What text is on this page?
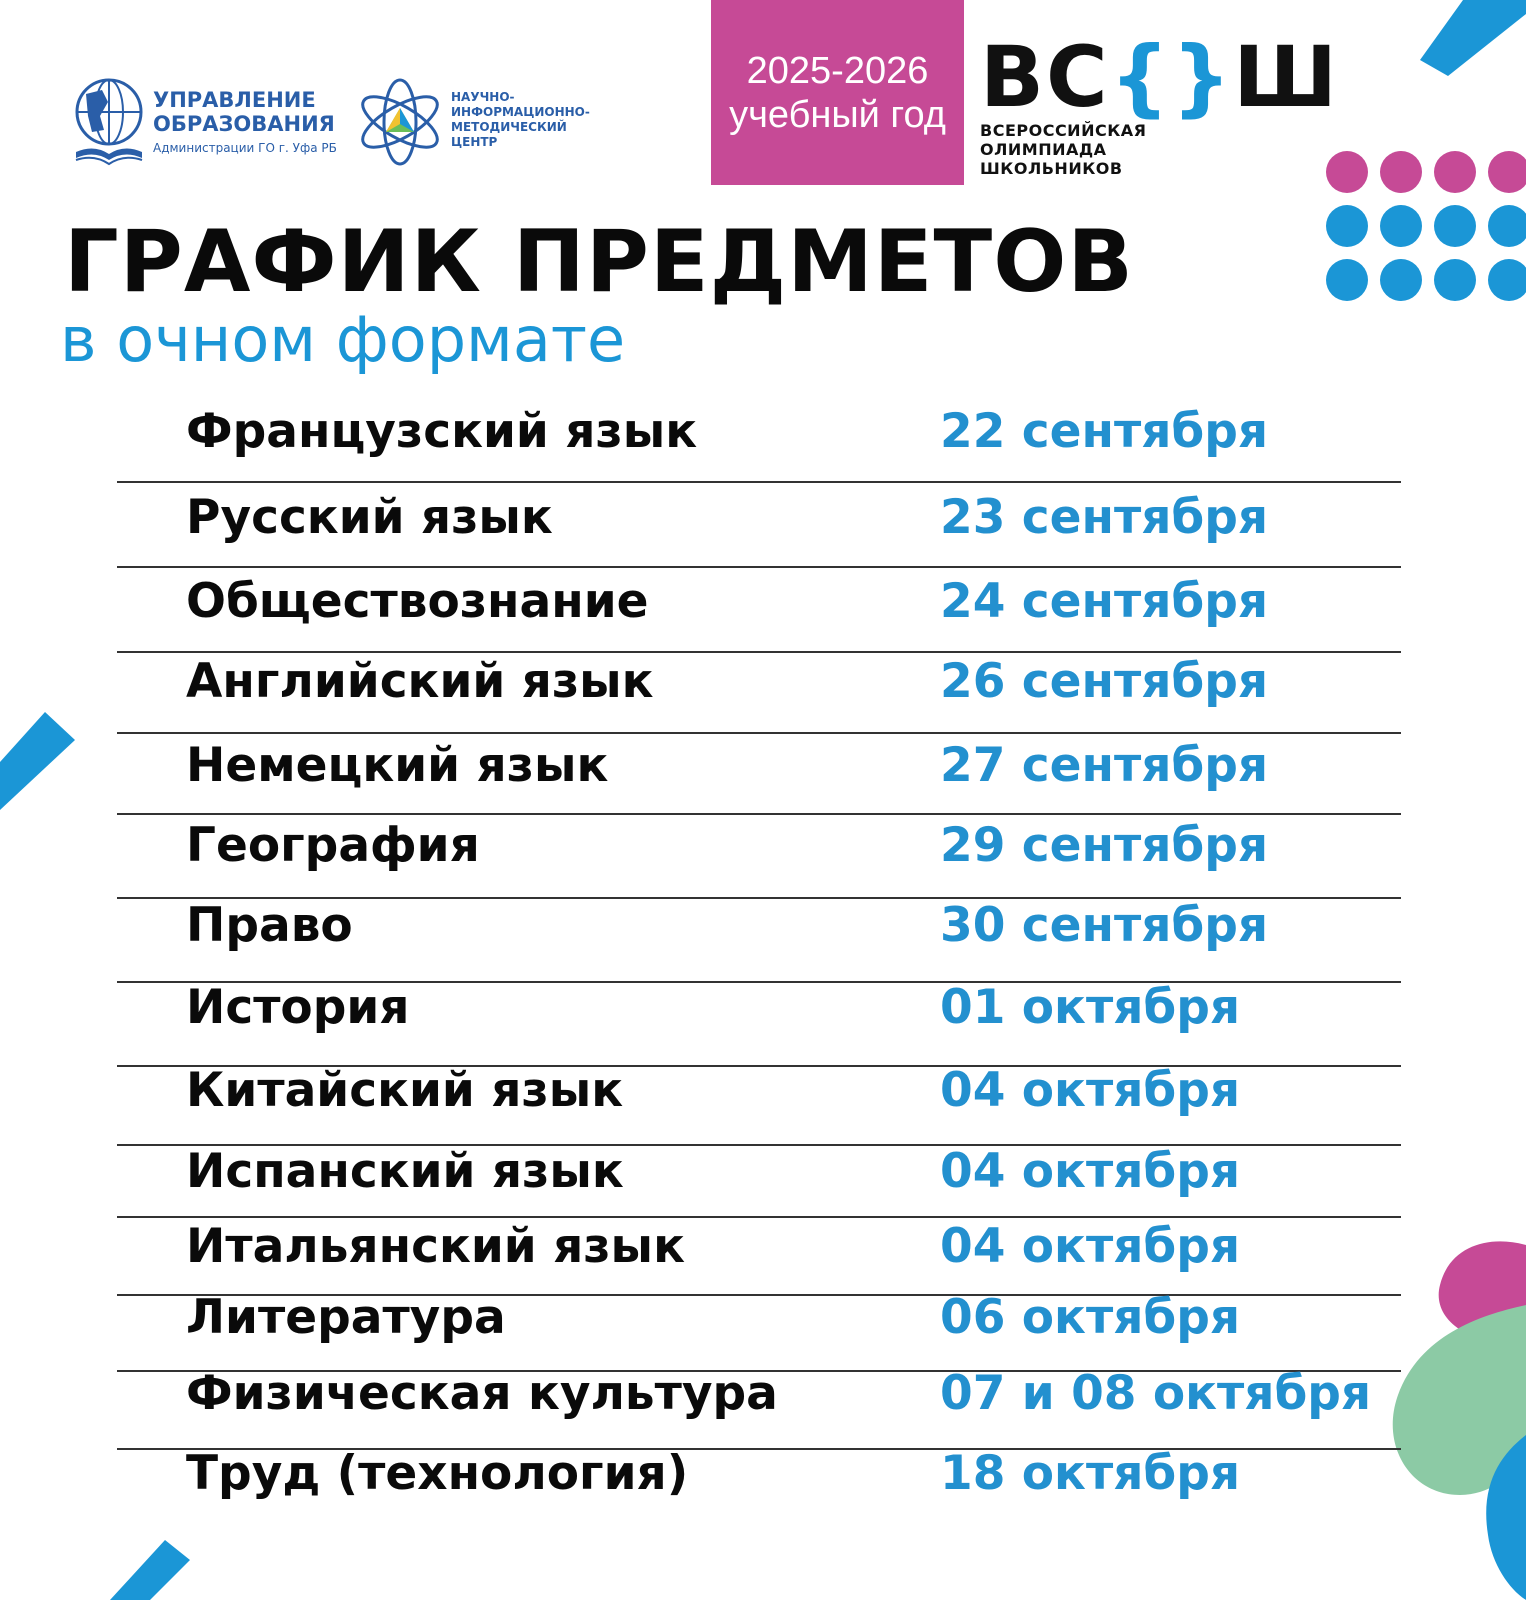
УПРАВЛЕНИЕ
ОБРАЗОВАНИЯ
Администрации ГО г. Уфа РБ
НАУЧНО-
ИНФОРМАЦИОННО-
МЕТОДИЧЕСКИЙ
ЦЕНТР
2025-2026
учебный год ВС{}Ш
ВСЕРОССИЙСКАЯ
ОЛИМПИАДА
ШКОЛЬНИКОВ
ГРАФИК ПРЕДМЕТОВ
в очном формате
Французский язык	22 сентября
Русский язык	23 сентября
Обществознание	24 сентября
Английский язык	26 сентября
Немецкий язык	27 сентября
География	29 сентября
Право	30 сентября
История	01 октября
Китайский язык	04 октября
Испанский язык	04 октября
Итальянский язык	04 октября
Литература	06 октября
Физическая культура	07 и 08 октября
Труд (технология)	18 октября
